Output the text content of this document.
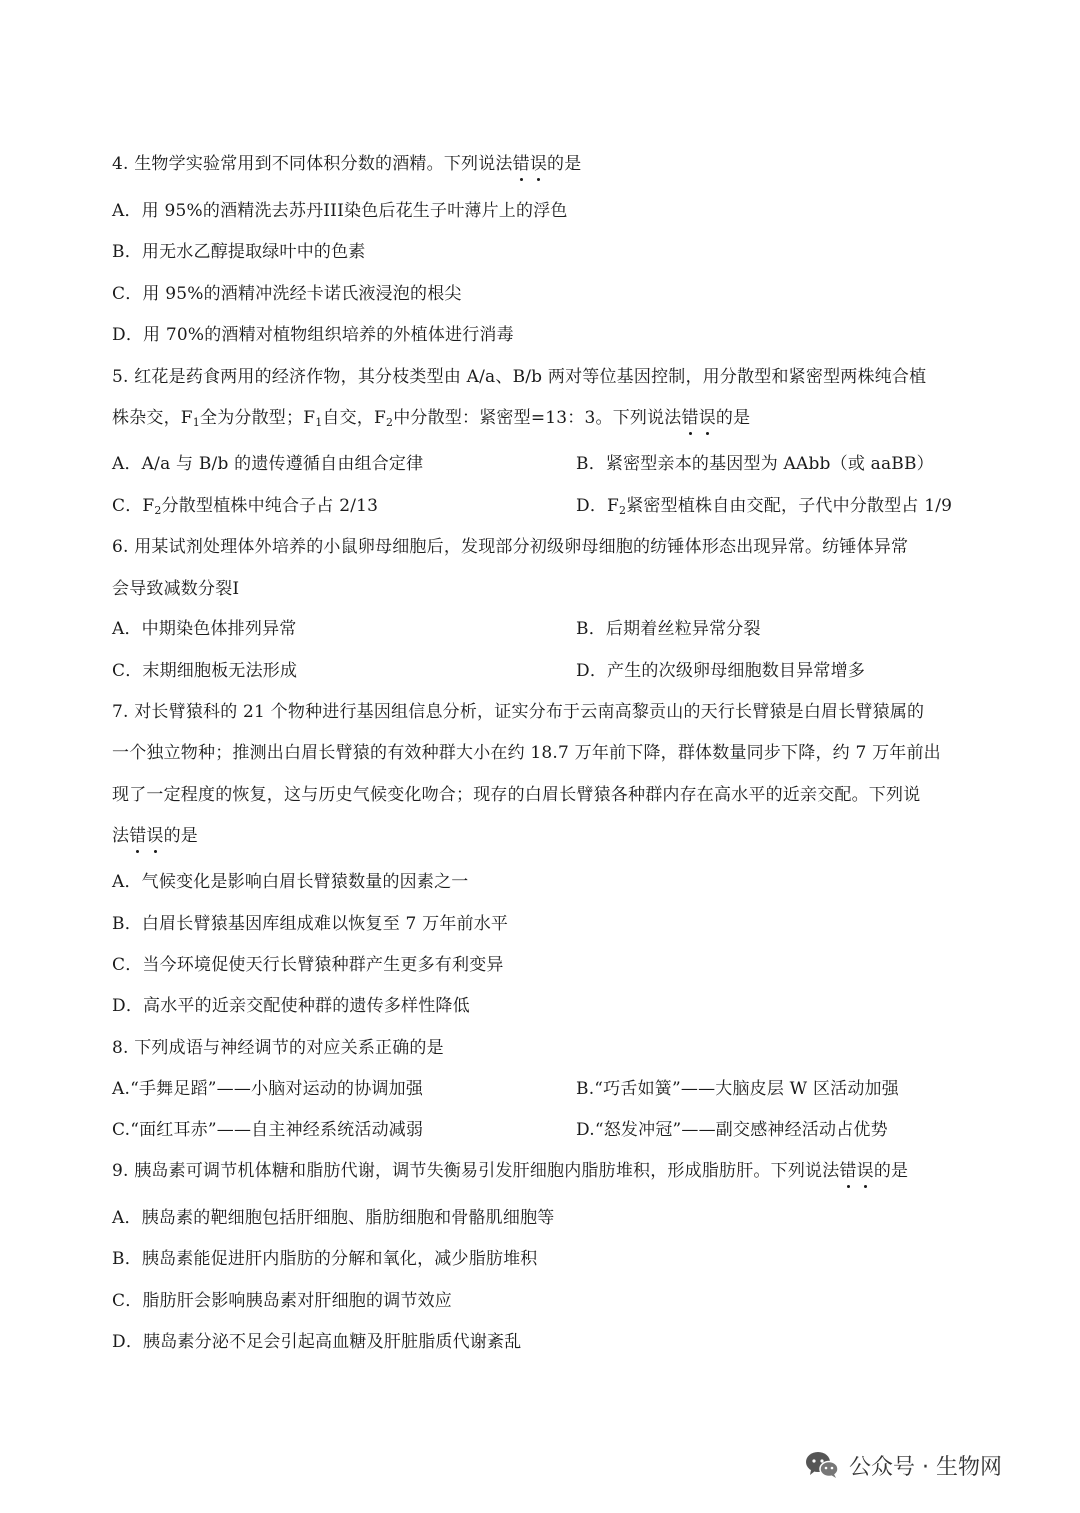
4. 生物学实验常用到不同体积分数的酒精。下列说法错误的是
A．用 95%的酒精洗去苏丹III染色后花生子叶薄片上的浮色
B．用无水乙醇提取绿叶中的色素
C．用 95%的酒精冲洗经卡诺氏液浸泡的根尖
D．用 70%的酒精对植物组织培养的外植体进行消毒
5. 红花是药食两用的经济作物，其分枝类型由 A/a、B/b 两对等位基因控制，用分散型和紧密型两株纯合植
株杂交，$F_1$全为分散型；$F_1$自交，$F_2$中分散型：紧密型=13：3。下列说法错误的是
A．A/a 与 B/b 的遗传遵循自由组合定律	B．紧密型亲本的基因型为 AAbb（或 aaBB）
C．$F_2$分散型植株中纯合子占 2/13	D．$F_2$紧密型植株自由交配，子代中分散型占 1/9
6. 用某试剂处理体外培养的小鼠卵母细胞后，发现部分初级卵母细胞的纺锤体形态出现异常。纺锤体异常
会导致减数分裂I
A．中期染色体排列异常	B．后期着丝粒异常分裂
C．末期细胞板无法形成	D．产生的次级卵母细胞数目异常增多
7. 对长臂猿科的 21 个物种进行基因组信息分析，证实分布于云南高黎贡山的天行长臂猿是白眉长臂猿属的
一个独立物种；推测出白眉长臂猿的有效种群大小在约 18.7 万年前下降，群体数量同步下降，约 7 万年前出
现了一定程度的恢复，这与历史气候变化吻合；现存的白眉长臂猿各种群内存在高水平的近亲交配。下列说
法错误的是
A．气候变化是影响白眉长臂猿数量的因素之一
B．白眉长臂猿基因库组成难以恢复至 7 万年前水平
C．当今环境促使天行长臂猿种群产生更多有利变异
D．高水平的近亲交配使种群的遗传多样性降低
8. 下列成语与神经调节的对应关系正确的是
A.“手舞足蹈”——小脑对运动的协调加强	B.“巧舌如簧”——大脑皮层 W 区活动加强
C.“面红耳赤”——自主神经系统活动减弱	D.“怒发冲冠”——副交感神经活动占优势
9. 胰岛素可调节机体糖和脂肪代谢，调节失衡易引发肝细胞内脂肪堆积，形成脂肪肝。下列说法错误的是
A．胰岛素的靶细胞包括肝细胞、脂肪细胞和骨骼肌细胞等
B．胰岛素能促进肝内脂肪的分解和氧化，减少脂肪堆积
C．脂肪肝会影响胰岛素对肝细胞的调节效应
D．胰岛素分泌不足会引起高血糖及肝脏脂质代谢紊乱
公众号 · 生物网
